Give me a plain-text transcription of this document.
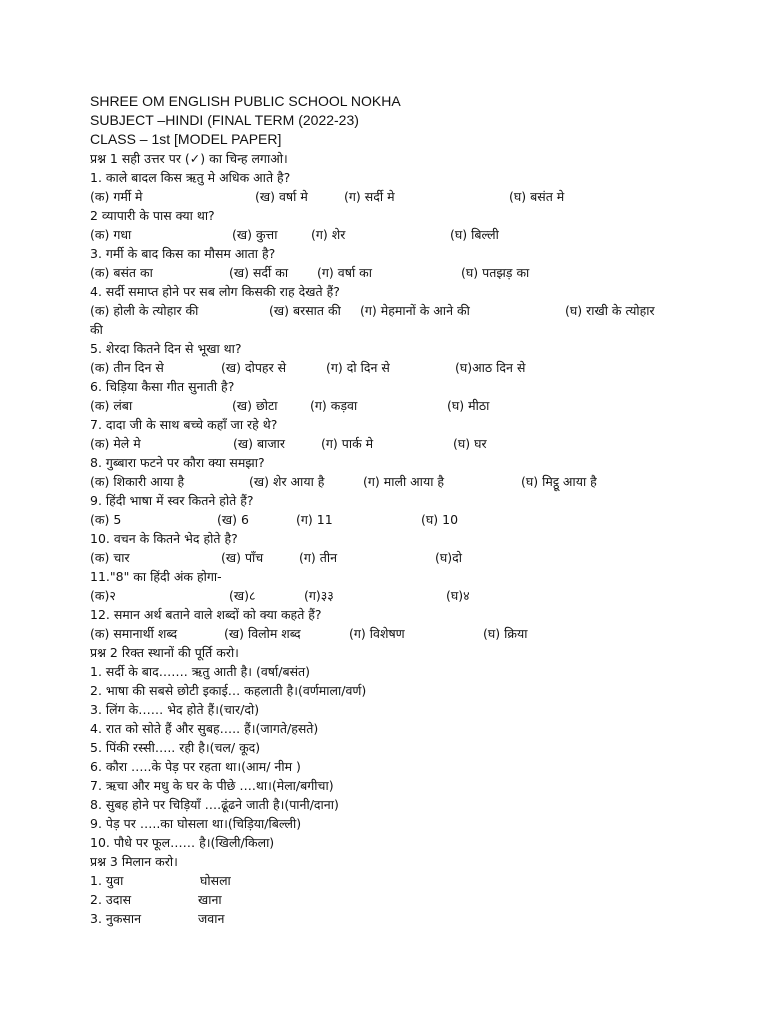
SHREE OM ENGLISH PUBLIC SCHOOL NOKHA
SUBJECT –HINDI (FINAL TERM (2022-23)
CLASS – 1st [MODEL PAPER]
प्रश्न 1 सही उत्तर पर (✓) का चिन्ह लगाओ।
1. काले बादल किस ऋतु मे अधिक आते है?
(क) गर्मी मे	(ख) वर्षा मे	(ग) सर्दी मे	(घ) बसंत मे
2 व्यापारी के पास क्या था?
(क) गधा	(ख) कुत्ता	(ग) शेर	(घ) बिल्ली
3. गर्मी के बाद किस का मौसम आता है?
(क) बसंत का	(ख) सर्दी का (ग) वर्षा का	(घ) पतझड़ का
4. सर्दी समाप्त होने पर सब लोग किसकी राह देखते हैं?
(क) होली के त्योहार की	(ख) बरसात की (ग) मेहमानों के आने की	(घ) राखी के त्योहार
की
5. शेरदा कितने दिन से भूखा था?
(क) तीन दिन से	(ख) दोपहर से	(ग) दो दिन से	(घ)आठ दिन से
6. चिड़िया कैसा गीत सुनाती है?
(क) लंबा	(ख) छोटा	(ग) कड़वा	(घ) मीठा
7. दादा जी के साथ बच्चे कहाँ जा रहे थे?
(क) मेले मे	(ख) बाजार	(ग) पार्क मे	(घ) घर
8. गुब्बारा फटने पर कौरा क्या समझा?
(क) शिकारी आया है	(ख) शेर आया है	(ग) माली आया है	(घ) मिट्ठू आया है
9. हिंदी भाषा में स्वर कितने होते हैं?
(क) 5	(ख) 6	(ग) 11	(घ) 10
10. वचन के कितने भेद होते है?
(क) चार	(ख) पाँच	(ग) तीन	(घ)दो
11."8" का हिंदी अंक होगा-
(क)२	(ख)८	(ग)३३	(घ)४
12. समान अर्थ बताने वाले शब्दों को क्या कहते हैं?
(क) समानार्थी शब्द	(ख) विलोम शब्द	(ग) विशेषण	(घ) क्रिया
प्रश्न 2 रिक्त स्थानों की पूर्ति करो।
1. सर्दी के बाद……. ऋतु आती है। (वर्षा/बसंत)
2. भाषा की सबसे छोटी इकाई… कहलाती है।(वर्णमाला/वर्ण)
3. लिंग के…… भेद होते हैं।(चार/दो)
4. रात को सोते हैं और सुबह….. हैं।(जागते/हसते)
5. पिंकी रस्सी….. रही है।(चल/ कूद)
6. कौरा …..के पेड़ पर रहता था।(आम/ नीम )
7. ऋचा और मधु के घर के पीछे ….था।(मेला/बगीचा)
8. सुबह होने पर चिड़ियाँ ….ढूंढने जाती है।(पानी/दाना)
9. पेड़ पर …..का घोसला था।(चिड़िया/बिल्ली)
10. पौधे पर फूल…… है।(खिली/किला)
प्रश्न 3 मिलान करो।
1. युवा	घोसला
2. उदास	खाना
3. नुकसान	जवान
